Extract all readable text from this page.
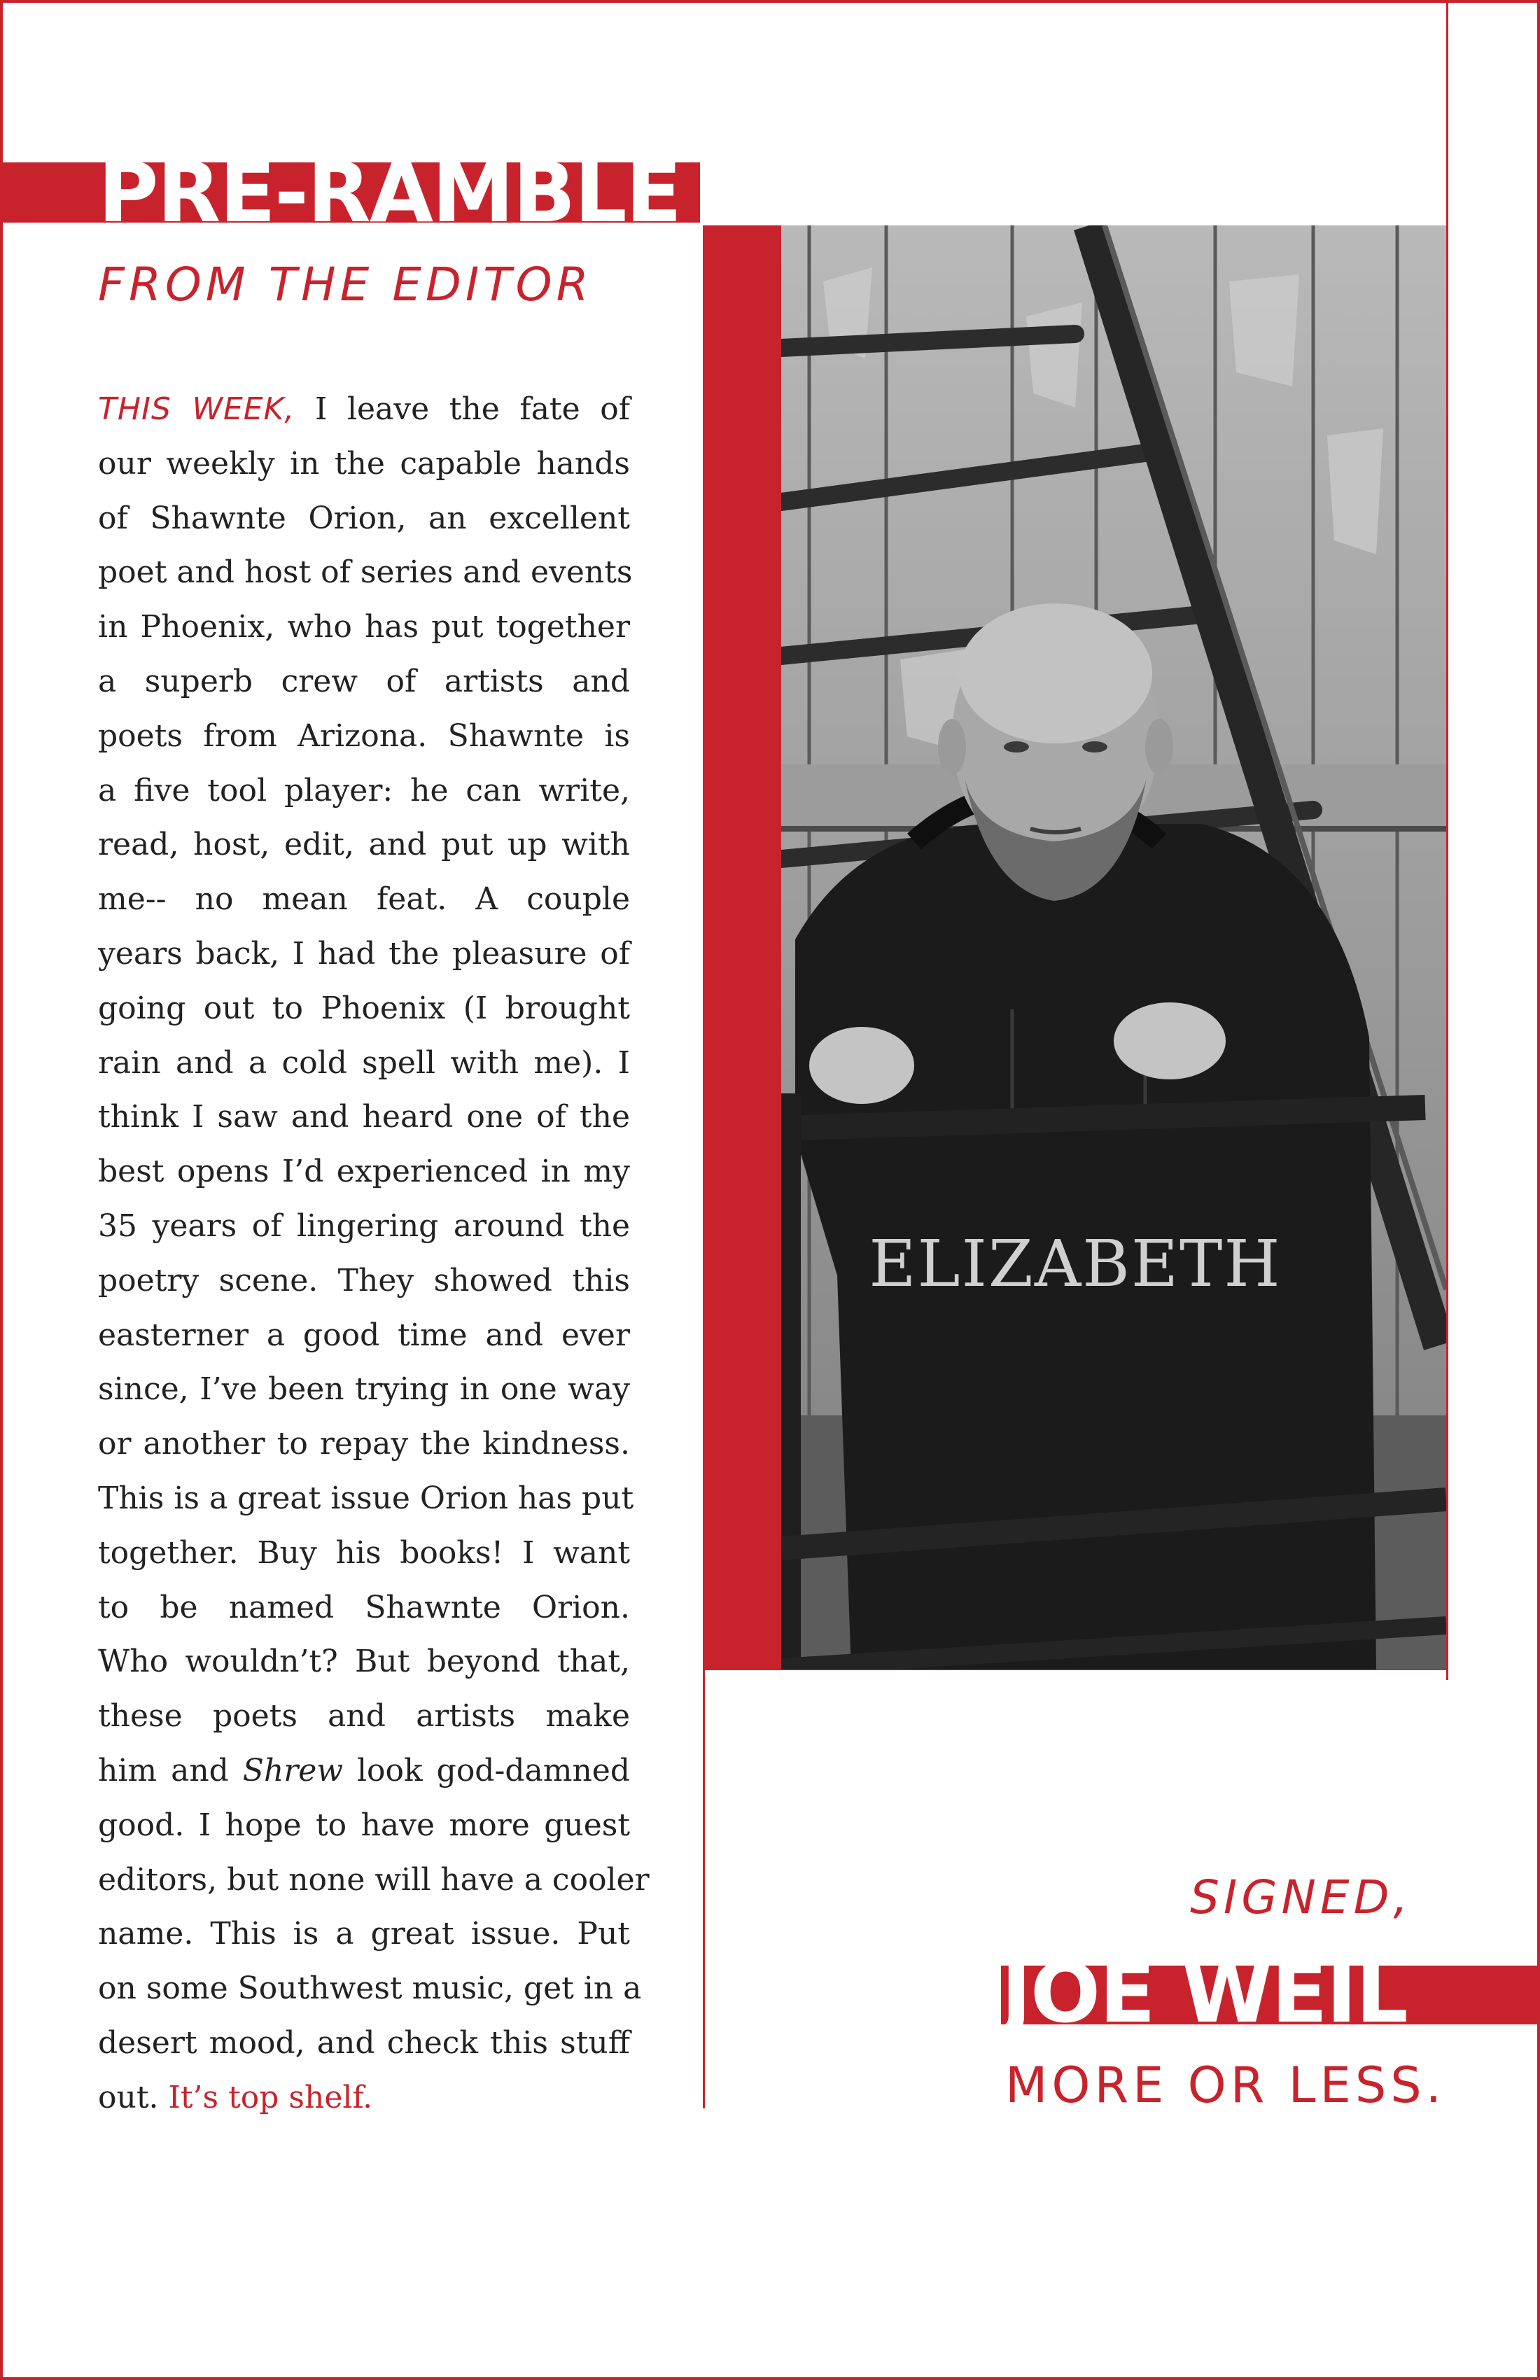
PRE-RAMBLE
FROM THE EDITOR
THIS WEEK, I leave the fate of
our weekly in the capable hands
of Shawnte Orion, an excellent
poet and host of series and events
in Phoenix, who has put together
a superb crew of artists and
poets from Arizona. Shawnte is
a five tool player: he can write,
read, host, edit, and put up with
me-- no mean feat. A couple
years back, I had the pleasure of
going out to Phoenix (I brought
rain and a cold spell with me). I
think I saw and heard one of the
best opens I’d experienced in my
35 years of lingering around the
poetry scene. They showed this
easterner a good time and ever
since, I’ve been trying in one way
or another to repay the kindness.
This is a great issue Orion has put
together. Buy his books! I want
to be named Shawnte Orion.
Who wouldn’t? But beyond that,
these poets and artists make
him and Shrew look god-damned
good. I hope to have more guest
editors, but none will have a cooler
name. This is a great issue. Put
on some Southwest music, get in a
desert mood, and check this stuff
out. It’s top shelf.
ELIZABETH
SIGNED,
JOE WEIL
MORE OR LESS.
